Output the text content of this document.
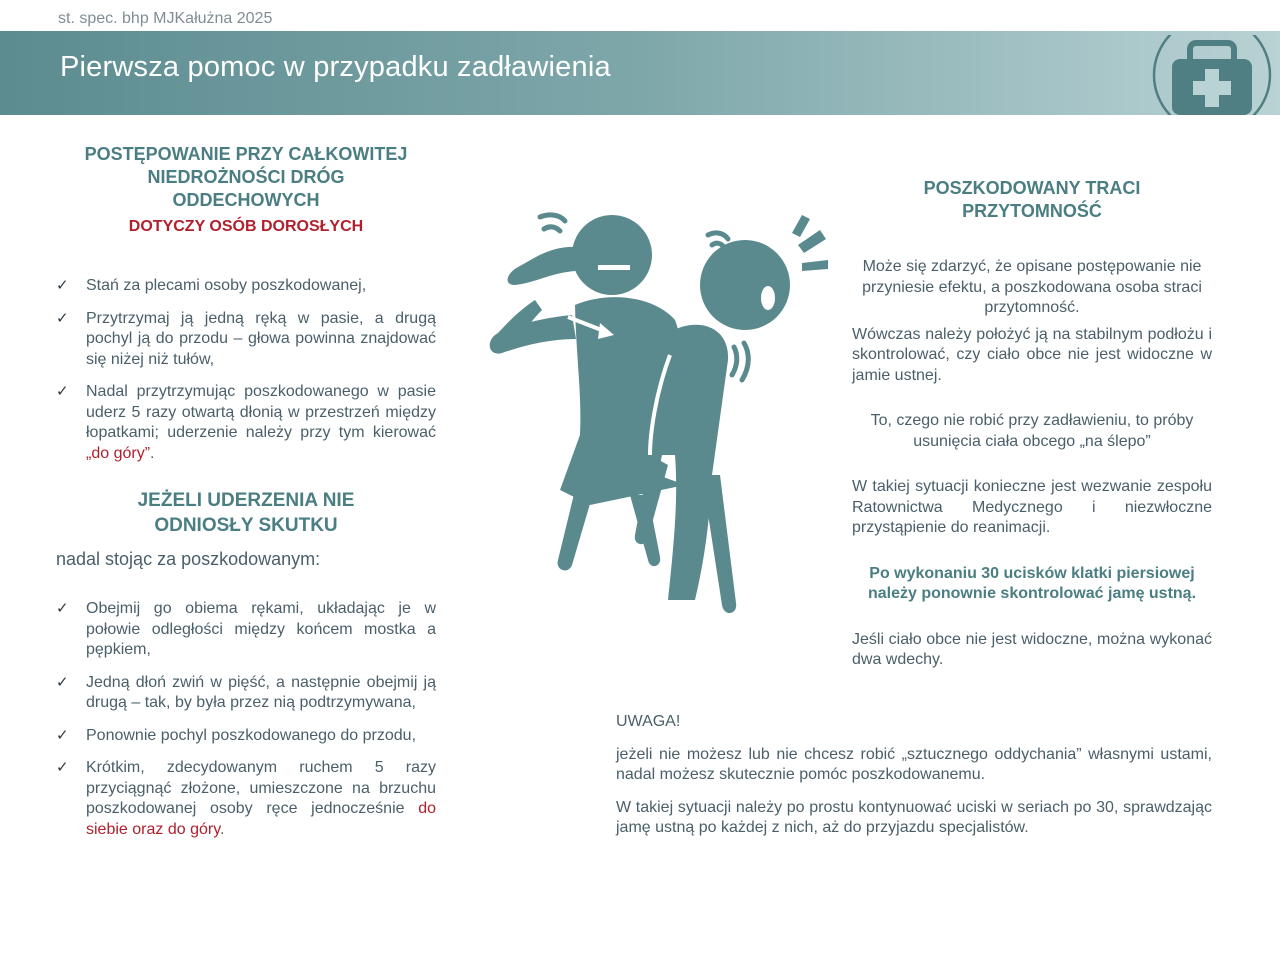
st. spec. bhp MJKałużna 2025
Pierwsza pomoc w przypadku zadławienia
POSTĘPOWANIE PRZY CAŁKOWITEJ
NIEDROŻNOŚCI DRÓG
ODDECHOWYCH
DOTYCZY OSÓB DOROSŁYCH
✓ Stań za plecami osoby poszkodowanej,
✓ Przytrzymaj ją jedną ręką w pasie, a drugą pochyl ją do przodu – głowa powinna znajdować się niżej niż tułów,
✓ Nadal przytrzymując poszkodowanego w pasie uderz 5 razy otwartą dłonią w przestrzeń między łopatkami; uderzenie należy przy tym kierować „do góry”.
JEŻELI UDERZENIA NIE
ODNIOSŁY SKUTKU
nadal stojąc za poszkodowanym:
✓ Obejmij go obiema rękami, układając je w połowie odległości między końcem mostka a pępkiem,
✓ Jedną dłoń zwiń w pięść, a następnie obejmij ją drugą – tak, by była przez nią podtrzymywana,
✓ Ponownie pochyl poszkodowanego do przodu,
✓ Krótkim, zdecydowanym ruchem 5 razy przyciągnąć złożone, umieszczone na brzuchu poszkodowanej osoby ręce jednocześnie do siebie oraz do góry.
POSZKODOWANY TRACI
PRZYTOMNOŚĆ
Może się zdarzyć, że opisane postępowanie nie przyniesie efektu, a poszkodowana osoba straci przytomność.
Wówczas należy położyć ją na stabilnym podłożu i skontrolować, czy ciało obce nie jest widoczne w jamie ustnej.
To, czego nie robić przy zadławieniu, to próby usunięcia ciała obcego „na ślepo”
W takiej sytuacji konieczne jest wezwanie zespołu Ratownictwa Medycznego i niezwłoczne przystąpienie do reanimacji.
Po wykonaniu 30 ucisków klatki piersiowej należy ponownie skontrolować jamę ustną.
Jeśli ciało obce nie jest widoczne, można wykonać dwa wdechy.
UWAGA!
jeżeli nie możesz lub nie chcesz robić „sztucznego oddychania” własnymi ustami, nadal możesz skutecznie pomóc poszkodowanemu.
W takiej sytuacji należy po prostu kontynuować uciski w seriach po 30, sprawdzając jamę ustną po każdej z nich, aż do przyjazdu specjalistów.
